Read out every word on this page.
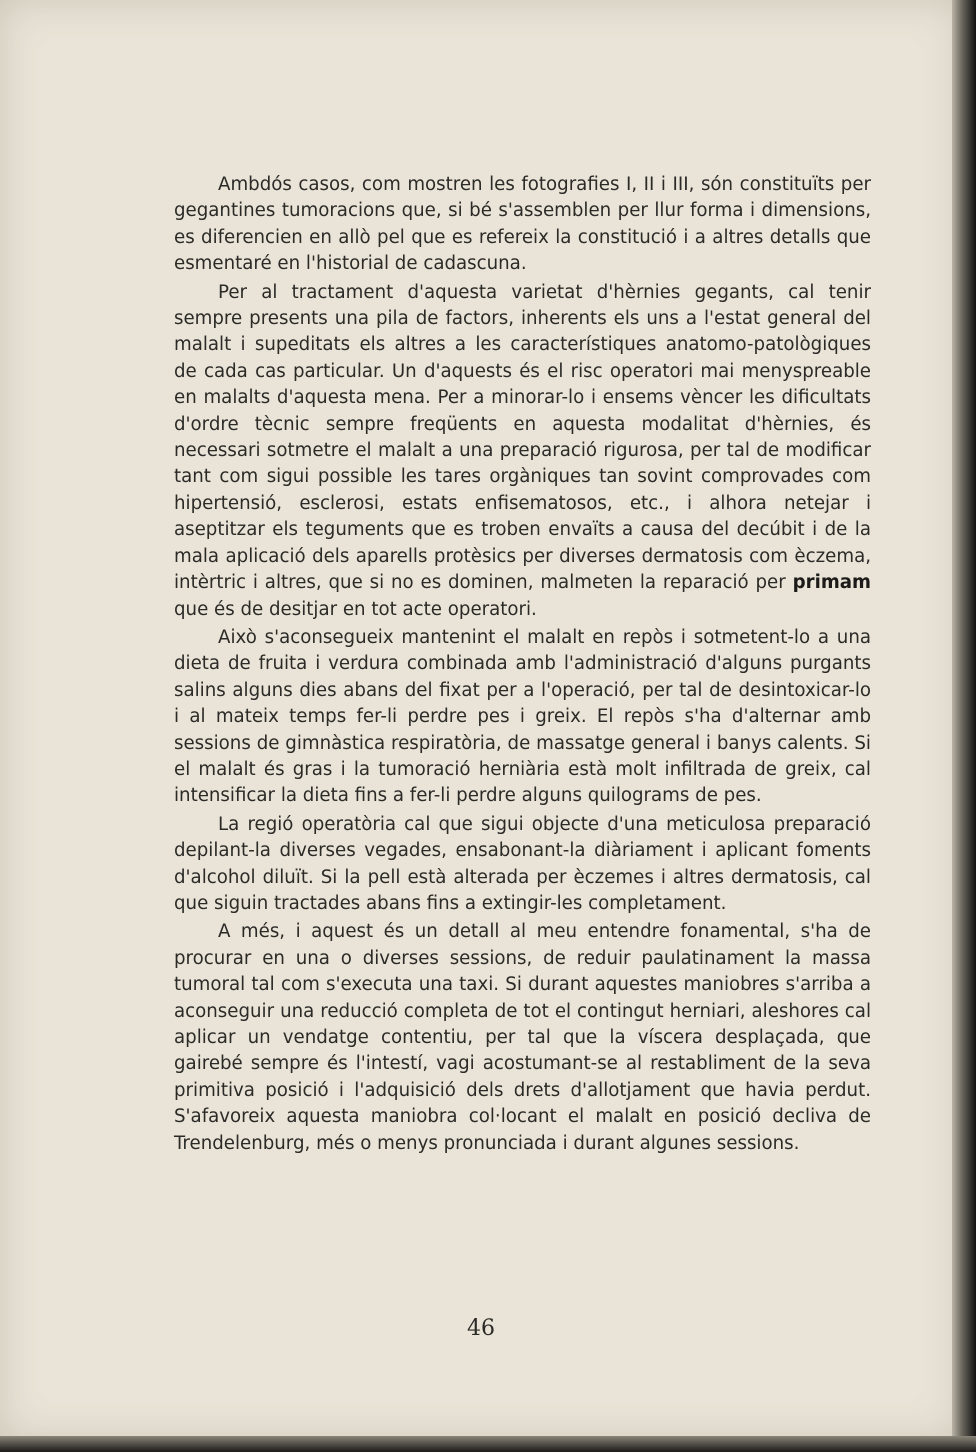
Ambdós casos, com mostren les fotografies I, II i III, són constituïts per gegantines tumoracions que, si bé s'assemblen per llur forma i dimensions, es diferencien en allò pel que es refereix la constitució i a altres detalls que esmentaré en l'historial de cadascuna.

Per al tractament d'aquesta varietat d'hèrnies gegants, cal tenir sempre presents una pila de factors, inherents els uns a l'estat general del malalt i supeditats els altres a les característiques anatomo-patològiques de cada cas particular. Un d'aquests és el risc operatori mai menyspreable en malalts d'aquesta mena. Per a minorar-lo i ensems vèncer les dificultats d'ordre tècnic sempre freqüents en aquesta modalitat d'hèrnies, és necessari sotmetre el malalt a una preparació rigurosa, per tal de modificar tant com sigui possible les tares orgàniques tan sovint comprovades com hipertensió, esclerosi, estats enfisematosos, etc., i alhora netejar i aseptitzar els teguments que es troben envaïts a causa del decúbit i de la mala aplicació dels aparells protèsics per diverses dermatosis com èczema, intèrtric i altres, que si no es dominen, malmeten la reparació per primam que és de desitjar en tot acte operatori.

Això s'aconsegueix mantenint el malalt en repòs i sotmetent-lo a una dieta de fruita i verdura combinada amb l'administració d'alguns purgants salins alguns dies abans del fixat per a l'operació, per tal de desintoxicar-lo i al mateix temps fer-li perdre pes i greix. El repòs s'ha d'alternar amb sessions de gimnàstica respiratòria, de massatge general i banys calents. Si el malalt és gras i la tumoració herniària està molt infiltrada de greix, cal intensificar la dieta fins a fer-li perdre alguns quilograms de pes.

La regió operatòria cal que sigui objecte d'una meticulosa preparació depilant-la diverses vegades, ensabonant-la diàriament i aplicant foments d'alcohol diluït. Si la pell està alterada per èczemes i altres dermatosis, cal que siguin tractades abans fins a extingir-les completament.

A més, i aquest és un detall al meu entendre fonamental, s'ha de procurar en una o diverses sessions, de reduir paulatinament la massa tumoral tal com s'executa una taxi. Si durant aquestes maniobres s'arriba a aconseguir una reducció completa de tot el contingut herniari, aleshores cal aplicar un vendatge contentiu, per tal que la víscera desplaçada, que gairebé sempre és l'intestí, vagi acostumant-se al restabliment de la seva primitiva posició i l'adquisició dels drets d'allotjament que havia perdut. S'afavoreix aquesta maniobra col·locant el malalt en posició decliva de Trendelenburg, més o menys pronunciada i durant algunes sessions.

46
